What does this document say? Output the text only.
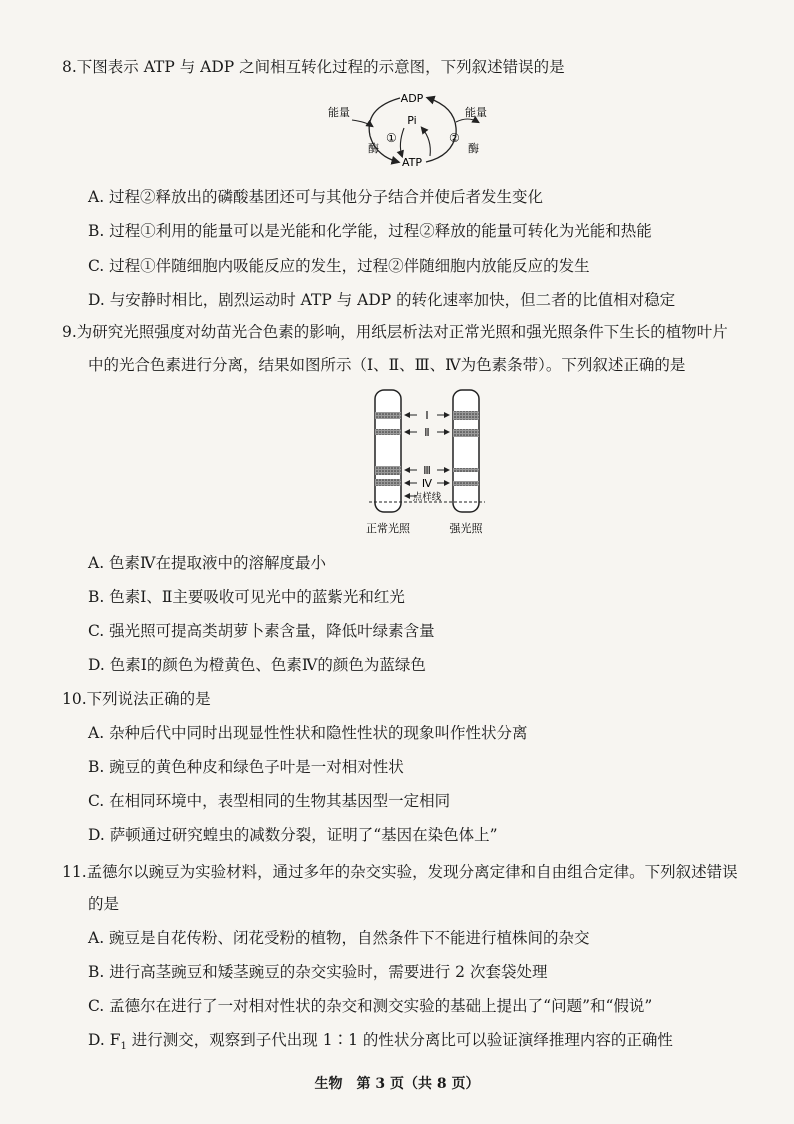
8.下图表示 ATP 与 ADP 之间相互转化过程的示意图，下列叙述错误的是
ADP
Pi
ATP
能量	能量
酶	酶
①	②
A. 过程②释放出的磷酸基团还可与其他分子结合并使后者发生变化
B. 过程①利用的能量可以是光能和化学能，过程②释放的能量可转化为光能和热能
C. 过程①伴随细胞内吸能反应的发生，过程②伴随细胞内放能反应的发生
D. 与安静时相比，剧烈运动时 ATP 与 ADP 的转化速率加快，但二者的比值相对稳定
9.为研究光照强度对幼苗光合色素的影响，用纸层析法对正常光照和强光照条件下生长的植物叶片
中的光合色素进行分离，结果如图所示（Ⅰ、Ⅱ、Ⅲ、Ⅳ为色素条带）。下列叙述正确的是
Ⅰ
Ⅱ
Ⅲ
Ⅳ
点样线
正常光照	强光照
A. 色素Ⅳ在提取液中的溶解度最小
B. 色素Ⅰ、Ⅱ主要吸收可见光中的蓝紫光和红光
C. 强光照可提高类胡萝卜素含量，降低叶绿素含量
D. 色素Ⅰ的颜色为橙黄色、色素Ⅳ的颜色为蓝绿色
10.下列说法正确的是
A. 杂种后代中同时出现显性性状和隐性性状的现象叫作性状分离
B. 豌豆的黄色种皮和绿色子叶是一对相对性状
C. 在相同环境中，表型相同的生物其基因型一定相同
D. 萨顿通过研究蝗虫的减数分裂，证明了“基因在染色体上”
11.孟德尔以豌豆为实验材料，通过多年的杂交实验，发现分离定律和自由组合定律。下列叙述错误
的是
A. 豌豆是自花传粉、闭花受粉的植物，自然条件下不能进行植株间的杂交
B. 进行高茎豌豆和矮茎豌豆的杂交实验时，需要进行 2 次套袋处理
C. 孟德尔在进行了一对相对性状的杂交和测交实验的基础上提出了“问题”和“假说”
D. $F_1$ 进行测交，观察到子代出现 1∶1 的性状分离比可以验证演绎推理内容的正确性
生物　第 3 页（共 8 页）
